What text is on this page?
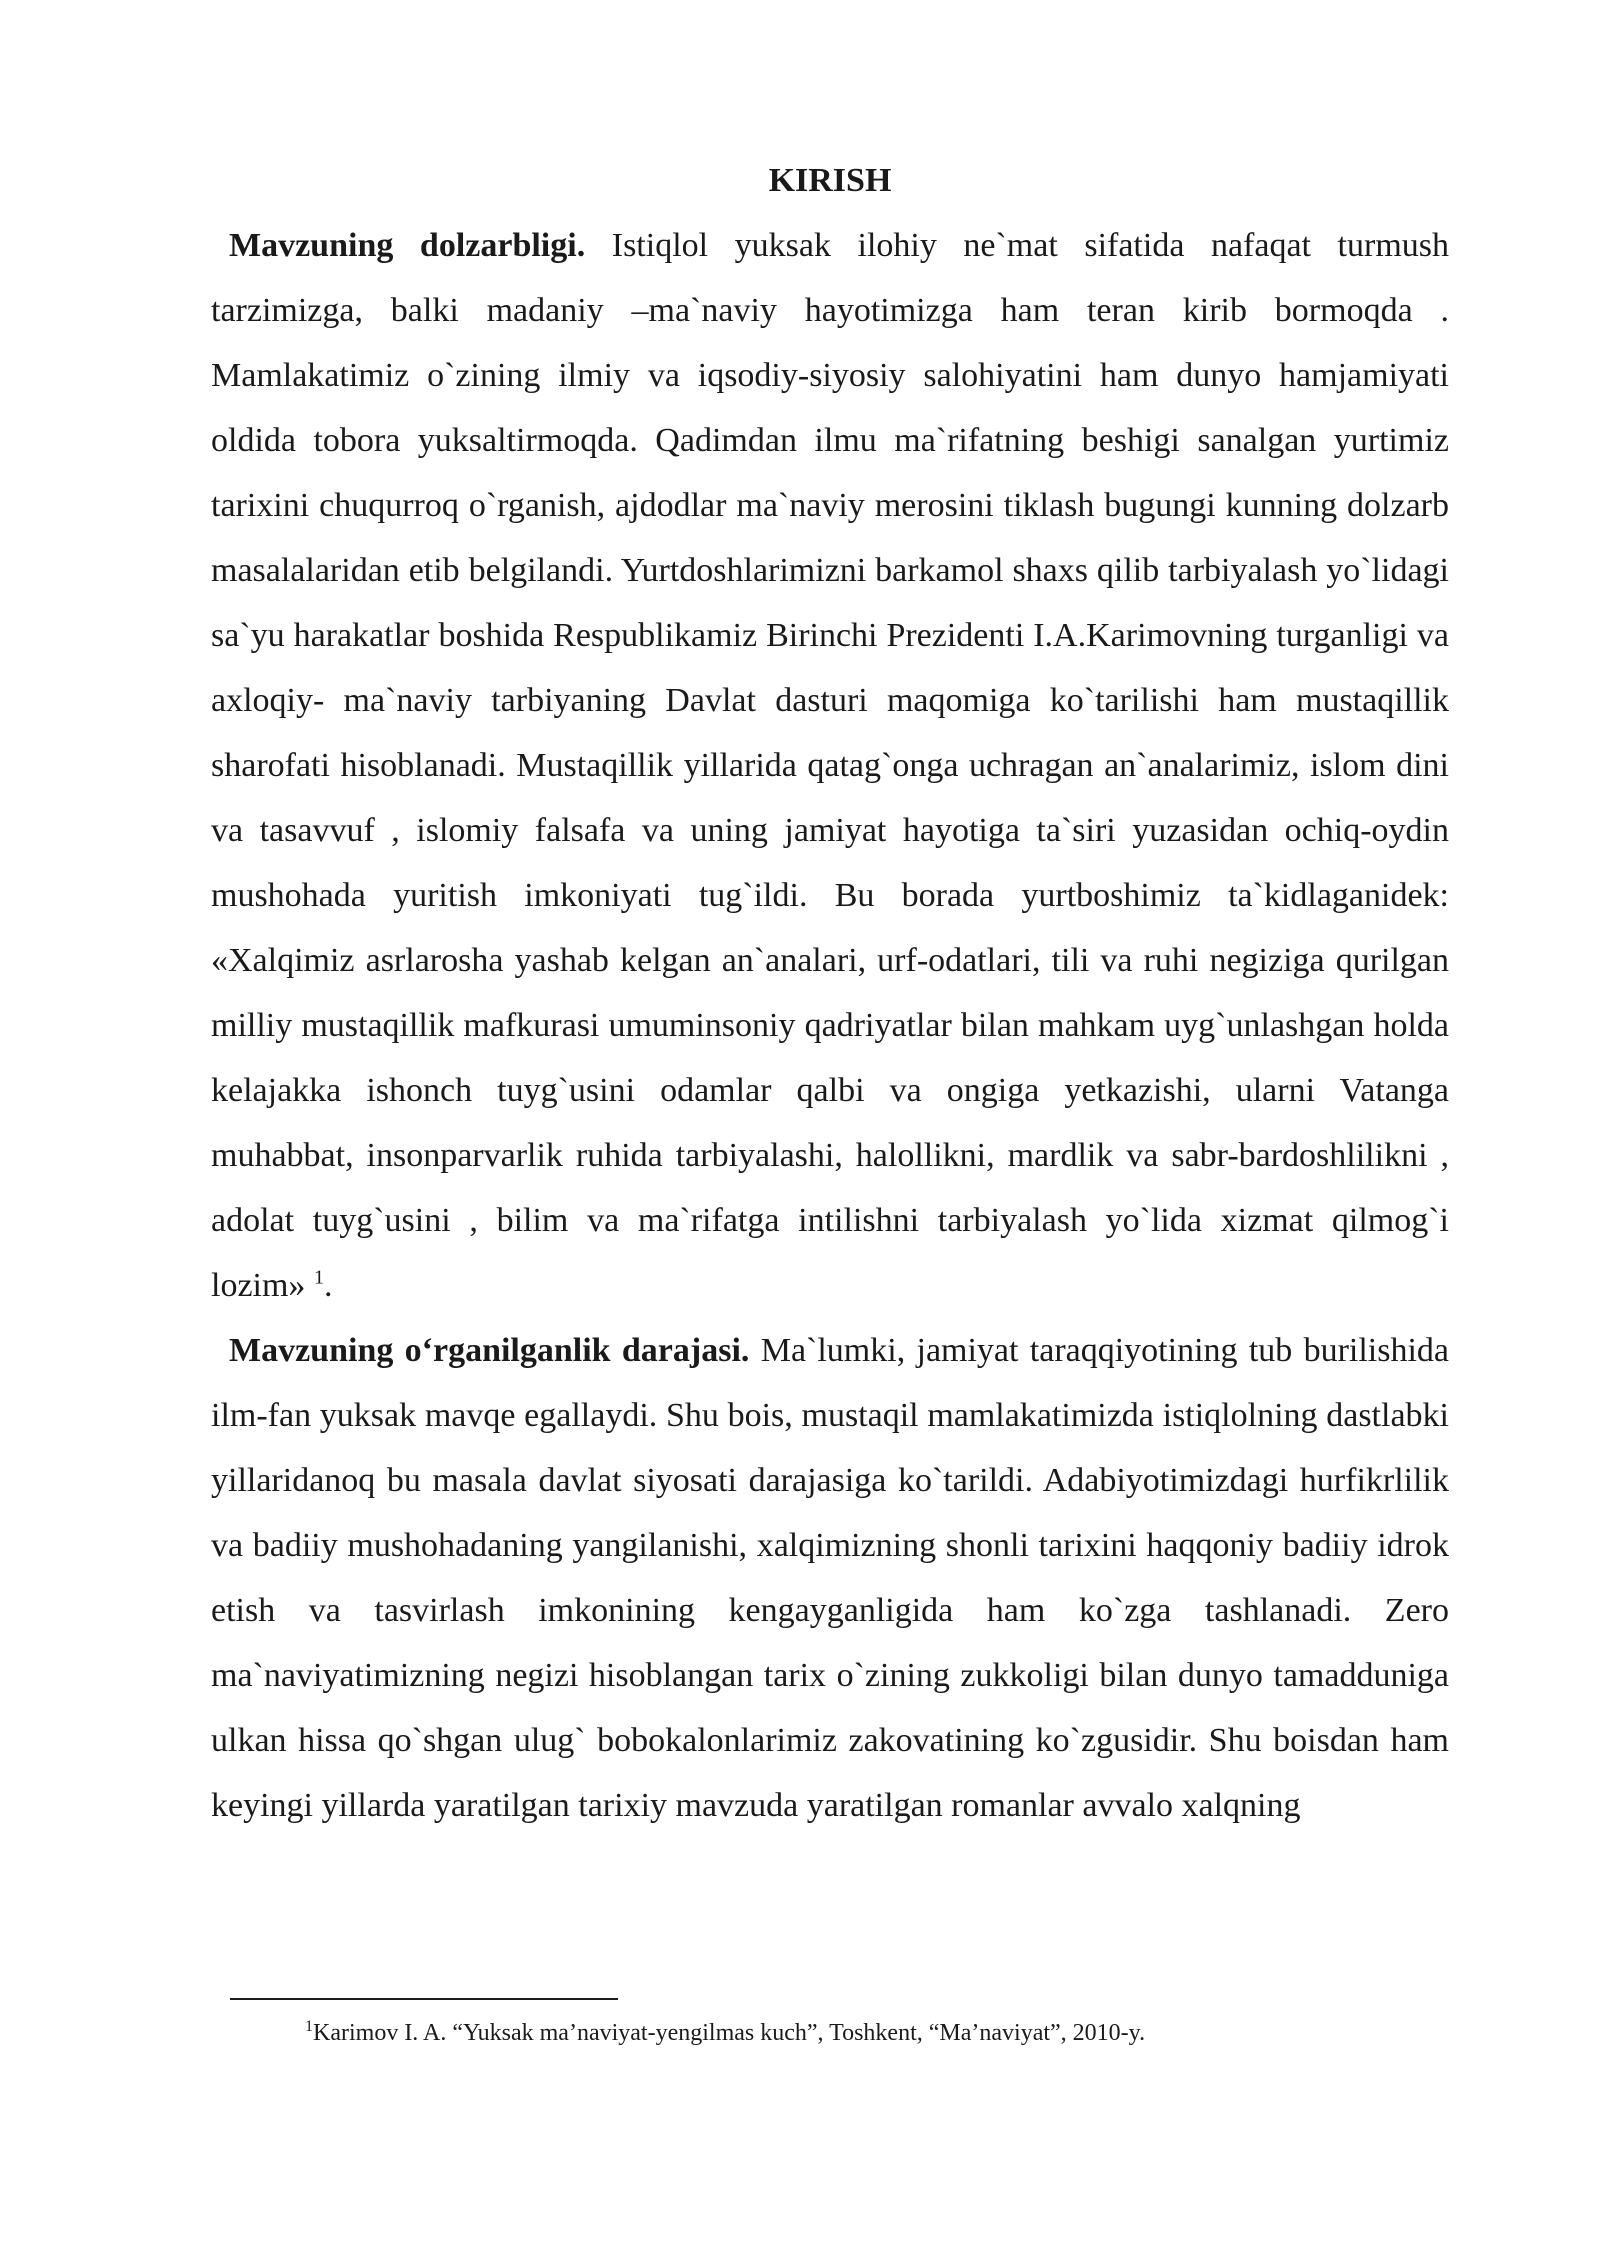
KIRISH

Mavzuning dolzarbligi. Istiqlol yuksak ilohiy ne`mat sifatida nafaqat turmush tarzimizga, balki madaniy –ma`naviy hayotimizga ham teran kirib bormoqda . Mamlakatimiz o`zining ilmiy va iqsodiy-siyosiy salohiyatini ham dunyo hamjamiyati oldida tobora yuksaltirmoqda. Qadimdan ilmu ma`rifatning beshigi sanalgan yurtimiz tarixini chuqurroq o`rganish, ajdodlar ma`naviy merosini tiklash bugungi kunning dolzarb masalalaridan etib belgilandi. Yurtdoshlarimizni barkamol shaxs qilib tarbiyalash yo`lidagi sa`yu harakatlar boshida Respublikamiz Birinchi Prezidenti I.A.Karimovning turganligi va axloqiy- ma`naviy tarbiyaning Davlat dasturi maqomiga ko`tarilishi ham mustaqillik sharofati hisoblanadi. Mustaqillik yillarida qatag`onga uchragan an`analarimiz, islom dini va tasavvuf , islomiy falsafa va uning jamiyat hayotiga ta`siri yuzasidan ochiq-oydin mushohada yuritish imkoniyati tug`ildi. Bu borada yurtboshimiz ta`kidlaganidek: «Xalqimiz asrlarosha yashab kelgan an`analari, urf-odatlari, tili va ruhi negiziga qurilgan milliy mustaqillik mafkurasi umuminsoniy qadriyatlar bilan mahkam uyg`unlashgan holda kelajakka ishonch tuyg`usini odamlar qalbi va ongiga yetkazishi, ularni Vatanga muhabbat, insonparvarlik ruhida tarbiyalashi, halollikni, mardlik va sabr-bardoshlilikni , adolat tuyg`usini , bilim va ma`rifatga intilishni tarbiyalash yo`lida xizmat qilmog`i lozim» $^1$.

Mavzuning o‘rganilganlik darajasi. Ma`lumki, jamiyat taraqqiyotining tub burilishida ilm-fan yuksak mavqe egallaydi. Shu bois, mustaqil mamlakatimizda istiqlolning dastlabki yillaridanoq bu masala davlat siyosati darajasiga ko`tarildi. Adabiyotimizdagi hurfikrlilik va badiiy mushohadaning yangilanishi, xalqimizning shonli tarixini haqqoniy badiiy idrok etish va tasvirlash imkonining kengayganligida ham ko`zga tashlanadi. Zero ma`naviyatimizning negizi hisoblangan tarix o`zining zukkoligi bilan dunyo tamadduniga ulkan hissa qo`shgan ulug` bobokalonlarimiz zakovatining ko`zgusidir. Shu boisdan ham keyingi yillarda yaratilgan tarixiy mavzuda yaratilgan romanlar avvalo xalqning

$^1$Karimov I. A. “Yuksak ma’naviyat-yengilmas kuch”, Toshkent, “Ma’naviyat”, 2010-y.
